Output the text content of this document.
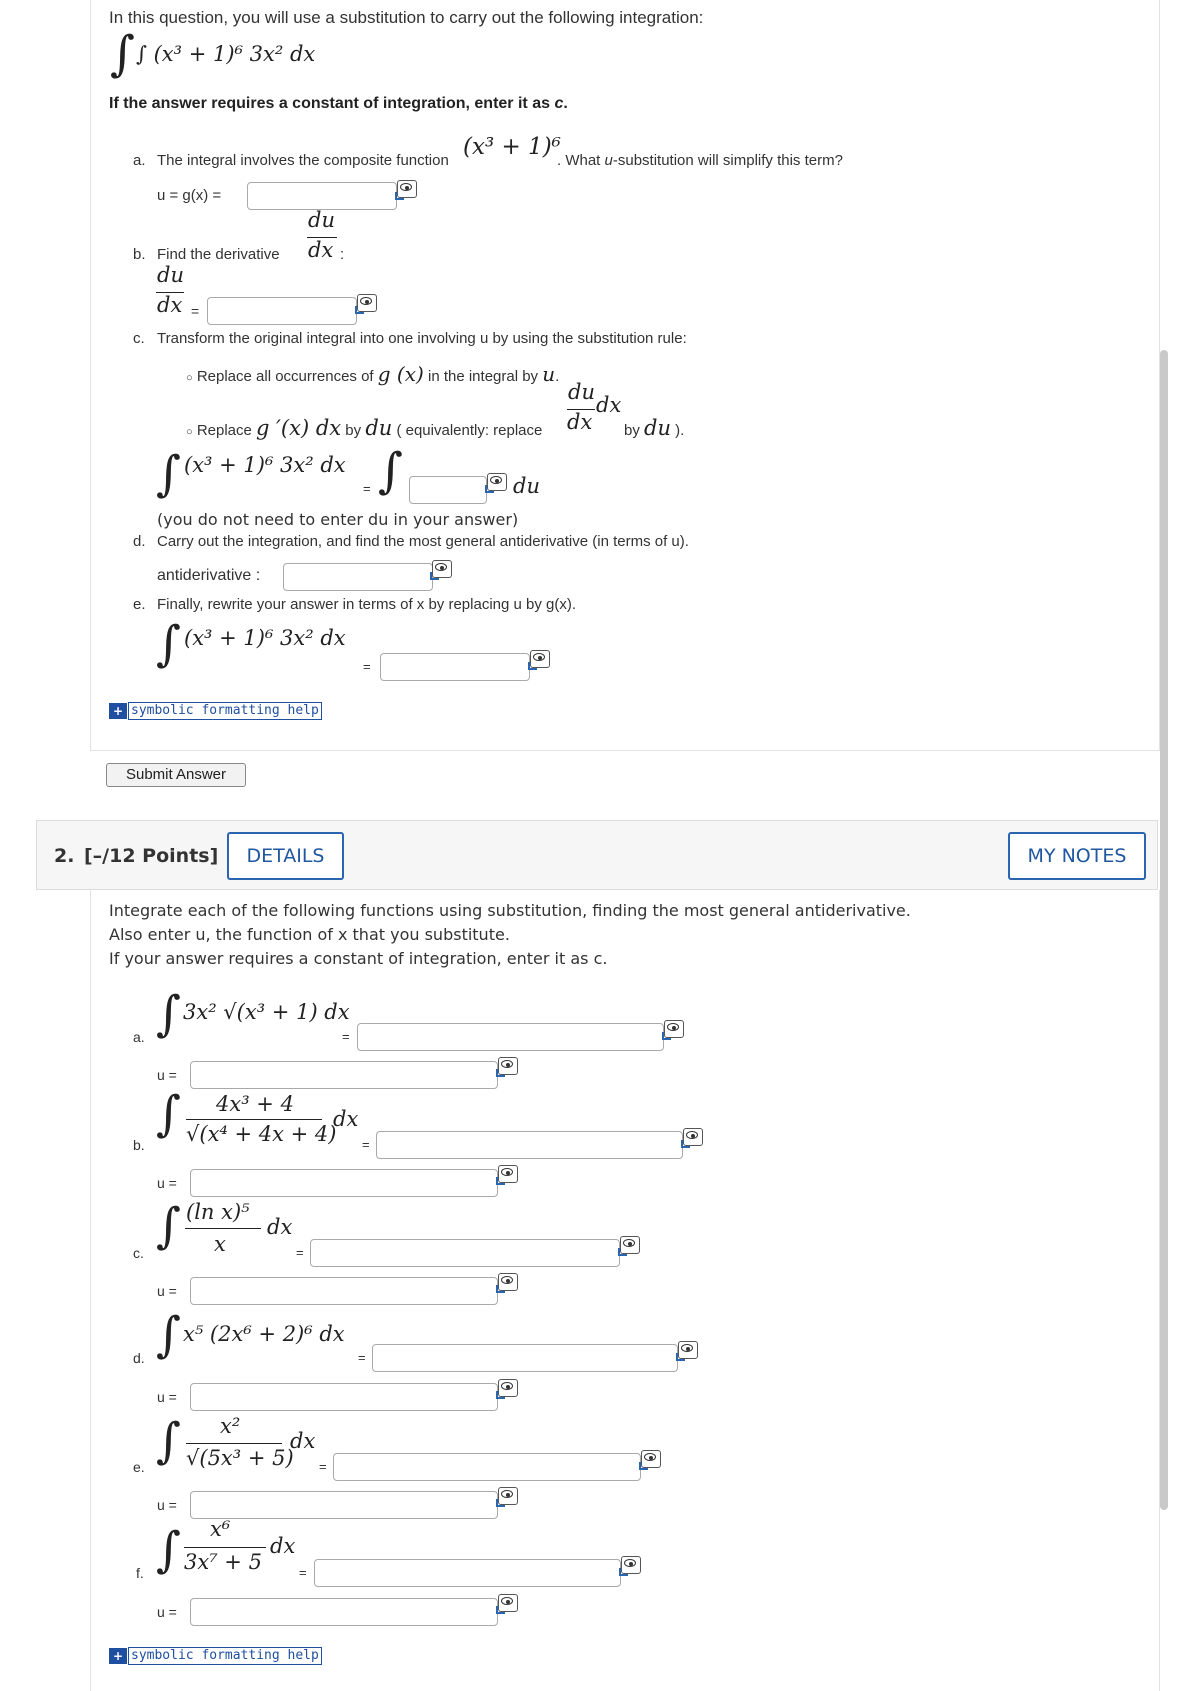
In this question, you will use a substitution to carry out the following integration:
∫ ∫ (x³ + 1)⁶ 3x² dx
If the answer requires a constant of integration, enter it as c.
a. The integral involves the composite function
(x³ + 1)⁶
. What u-substitution will simplify this term?
u = g(x) =
du
b. Find the derivative dx :
du
dx =
c. Transform the original integral into one involving u by using the substitution rule:
○ Replace all occurrences of g (x) in the integral by u.
du
○ Replace g ′(x) dx by du ( equivalently: replace dx
dx
by du ).
∫ (x³ + 1)⁶ 3x² dx
= ∫	du
(you do not need to enter du in your answer)
d. Carry out the integration, and find the most general antiderivative (in terms of u).
antiderivative :
e. Finally, rewrite your answer in terms of x by replacing u by g(x).
∫ (x³ + 1)⁶ 3x² dx
=
+ symbolic formatting help
Submit Answer
2. [–/12 Points]	DETAILS	MY NOTES
Integrate each of the following functions using substitution, finding the most general antiderivative.
Also enter u, the function of x that you substitute.
If your answer requires a constant of integration, enter it as c.
a. ∫ 3x² √(x³ + 1) dx
=
u =
b.
∫ 4x³ + 4
√(x⁴ + 4x + 4)
dx
=
u =
c. ∫ (ln x)⁵
x
dx
=
u =
d. ∫ x⁵ (2x⁶ + 2)⁶ dx
=
u =
e. ∫ x²
√(5x³ + 5)
dx
=
u =
f. ∫ x⁶
3x⁷ + 5
dx
=
u =
+ symbolic formatting help
